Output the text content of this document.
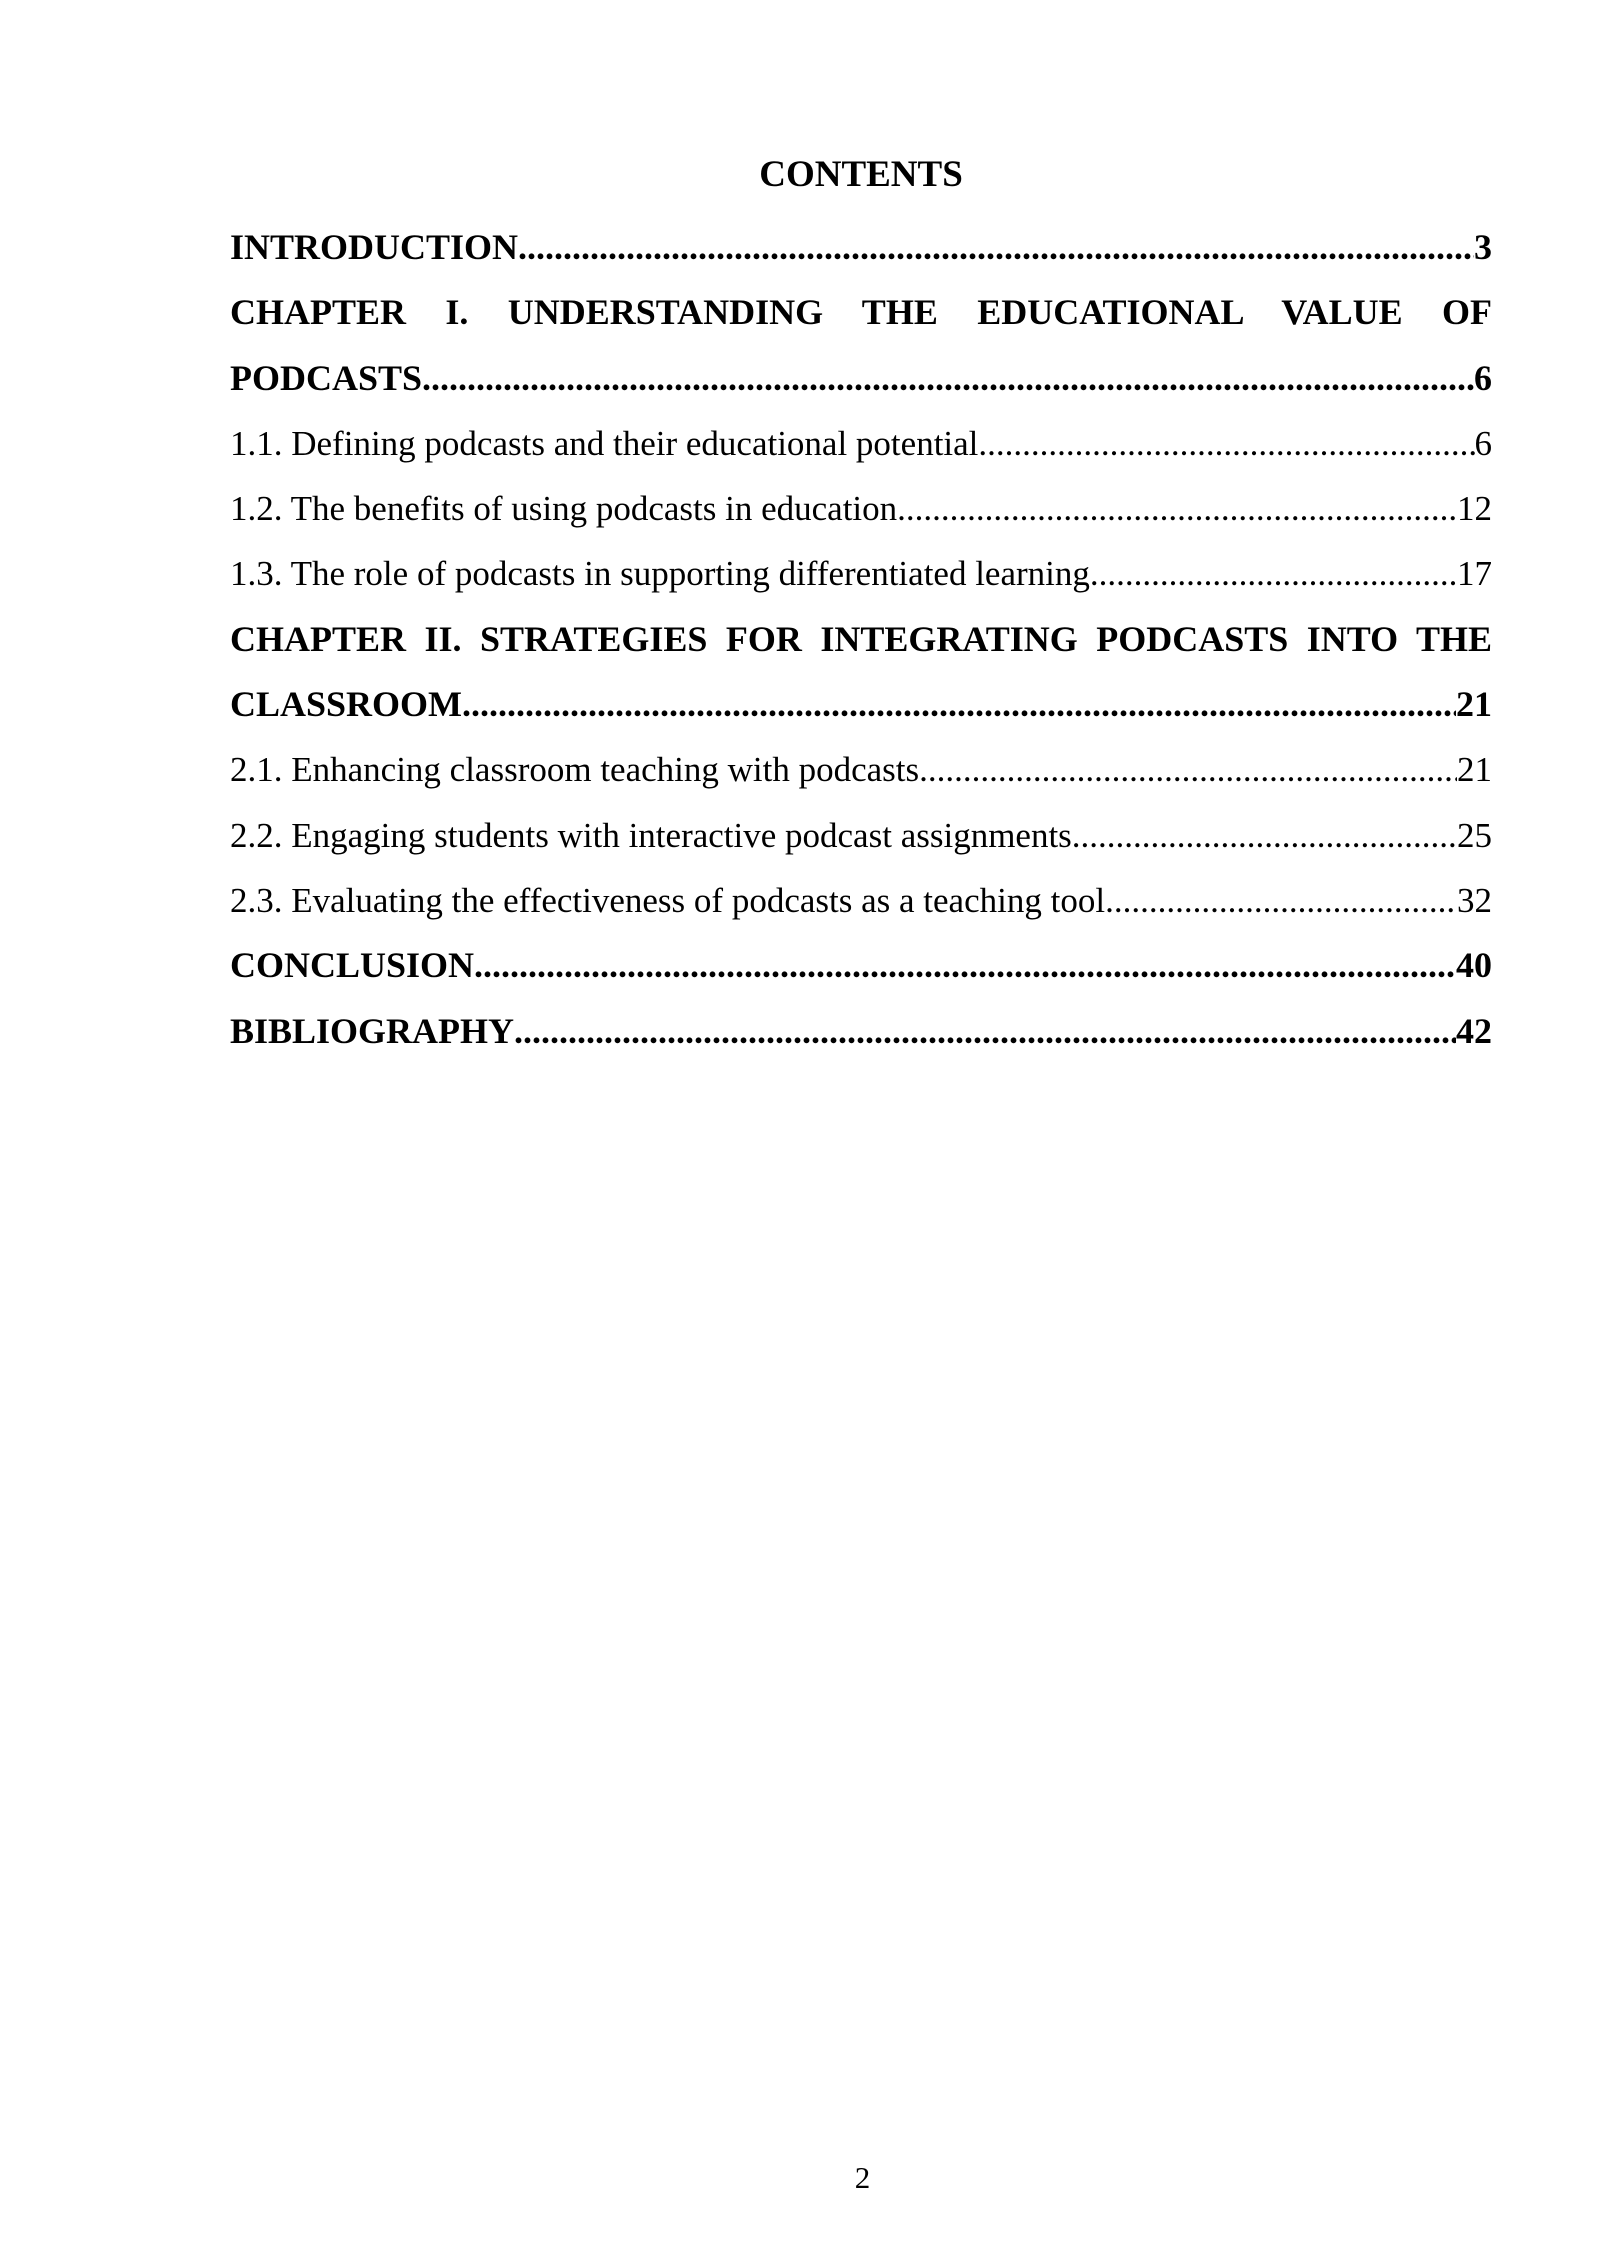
CONTENTS
INTRODUCTION .....	3
CHAPTER I. UNDERSTANDING THE EDUCATIONAL VALUE OF
PODCASTS .....	6
1.1. Defining podcasts and their educational potential .....	6
1.2. The benefits of using podcasts in education .....	12
1.3. The role of podcasts in supporting differentiated learning .....	17
CHAPTER II. STRATEGIES FOR INTEGRATING PODCASTS INTO THE
CLASSROOM .....	21
2.1. Enhancing classroom teaching with podcasts .....	21
2.2. Engaging students with interactive podcast assignments .....	25
2.3. Evaluating the effectiveness of podcasts as a teaching tool .....	32
CONCLUSION .....	40
BIBLIOGRAPHY .....	42
2
